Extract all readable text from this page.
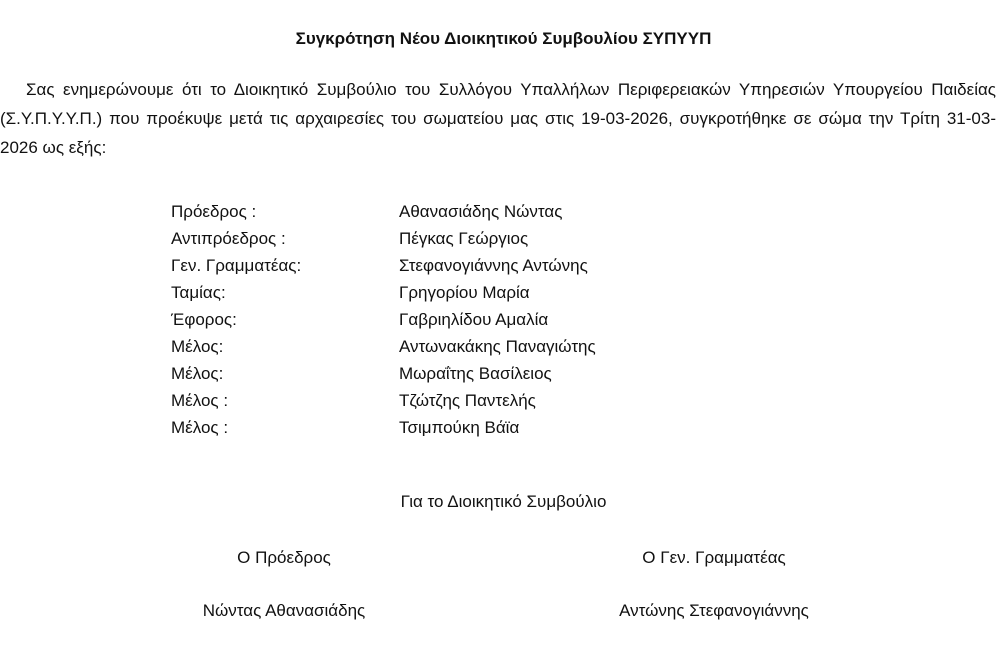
Συγκρότηση Νέου Διοικητικού Συμβουλίου ΣΥΠΥΥΠ
Σας ενημερώνουμε ότι το Διοικητικό Συμβούλιο του Συλλόγου Υπαλλήλων Περιφερειακών Υπηρεσιών Υπουργείου Παιδείας (Σ.Υ.Π.Υ.Υ.Π.) που προέκυψε μετά τις αρχαιρεσίες του σωματείου μας στις 19-03-2026, συγκροτήθηκε σε σώμα την Τρίτη 31-03-2026 ως εξής:
Πρόεδρος :	Αθανασιάδης Νώντας
Αντιπρόεδρος :	Πέγκας Γεώργιος
Γεν. Γραμματέας:	Στεφανογιάννης Αντώνης
Ταμίας:	Γρηγορίου Μαρία
Έφορος:	Γαβριηλίδου Αμαλία
Μέλος:	Αντωνακάκης Παναγιώτης
Μέλος:	Μωραΐτης Βασίλειος
Μέλος :	Τζώτζης Παντελής
Μέλος :	Τσιμπούκη Βάϊα
Για το Διοικητικό Συμβούλιο
Ο Πρόεδρος	Ο Γεν. Γραμματέας
Νώντας Αθανασιάδης	Αντώνης Στεφανογιάννης
